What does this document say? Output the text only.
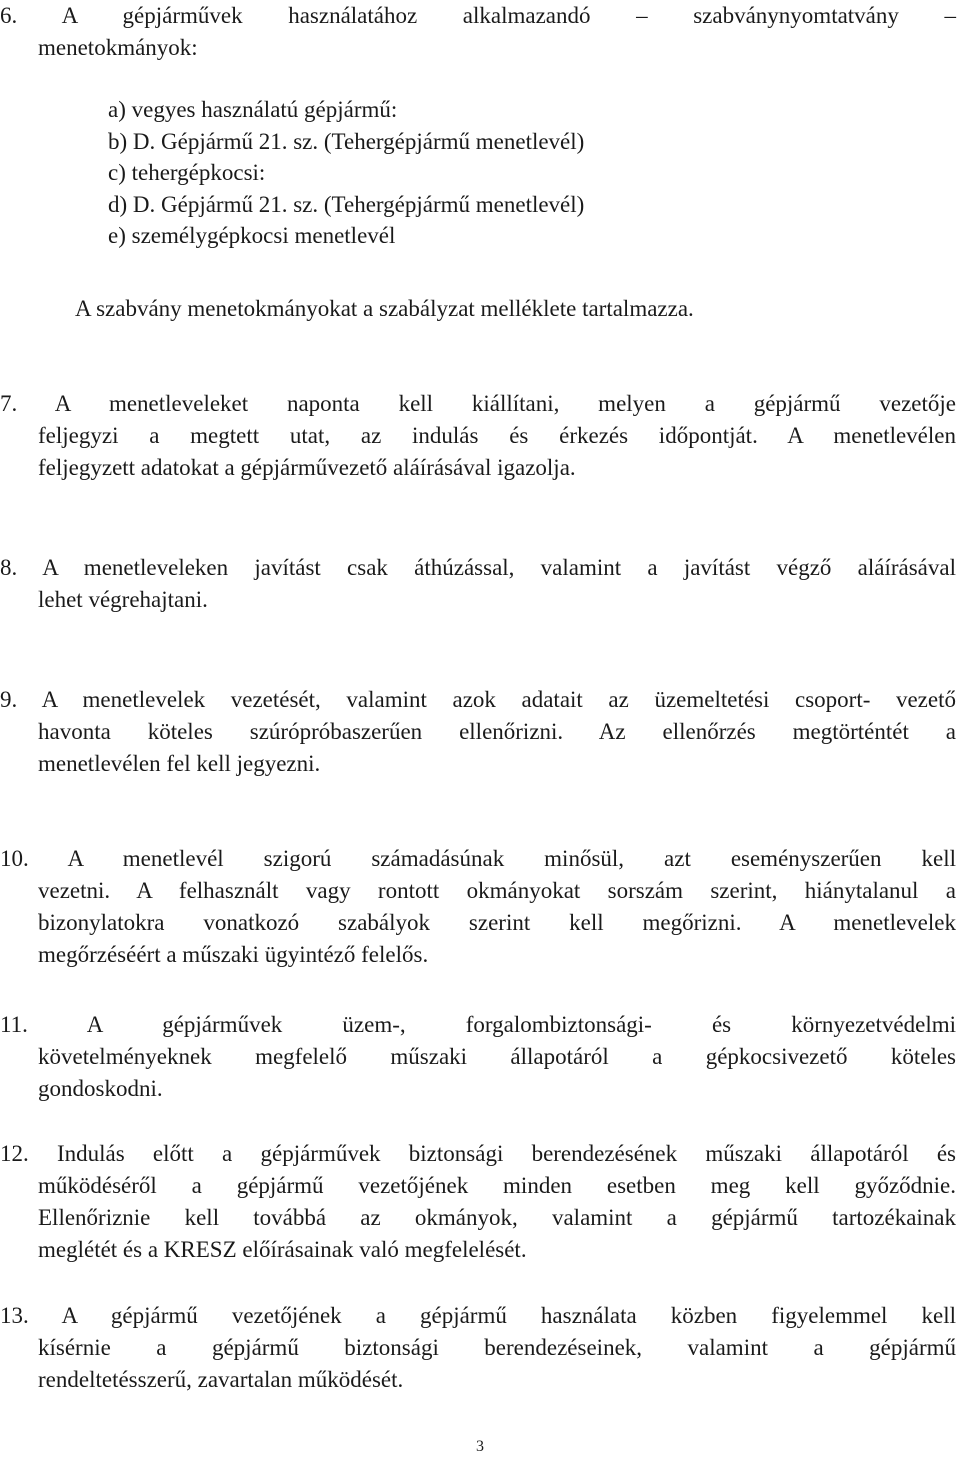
6. A gépjárművek használatához alkalmazandó – szabványnyomtatvány –
menetokmányok:
a) vegyes használatú gépjármű:
b) D. Gépjármű 21. sz. (Tehergépjármű menetlevél)
c) tehergépkocsi:
d) D. Gépjármű 21. sz. (Tehergépjármű menetlevél)
e) személygépkocsi menetlevél
A szabvány menetokmányokat a szabályzat melléklete tartalmazza.
7. A menetleveleket naponta kell kiállítani, melyen a gépjármű vezetője
feljegyzi a megtett utat, az indulás és érkezés időpontját. A menetlevélen
feljegyzett adatokat a gépjárművezető aláírásával igazolja.
8. A menetleveleken javítást csak áthúzással, valamint a javítást végző aláírásával
lehet végrehajtani.
9. A menetlevelek vezetését, valamint azok adatait az üzemeltetési csoport- vezető
havonta köteles szúrópróbaszerűen ellenőrizni. Az ellenőrzés megtörténtét a
menetlevélen fel kell jegyezni.
10. A menetlevél szigorú számadásúnak minősül, azt eseményszerűen kell
vezetni. A felhasznált vagy rontott okmányokat sorszám szerint, hiánytalanul a
bizonylatokra vonatkozó szabályok szerint kell megőrizni. A menetlevelek
megőrzéséért a műszaki ügyintéző felelős.
11. A gépjárművek üzem-, forgalombiztonsági- és környezetvédelmi
követelményeknek megfelelő műszaki állapotáról a gépkocsivezető köteles
gondoskodni.
12. Indulás előtt a gépjárművek biztonsági berendezésének műszaki állapotáról és
működéséről a gépjármű vezetőjének minden esetben meg kell győződnie.
Ellenőriznie kell továbbá az okmányok, valamint a gépjármű tartozékainak
meglétét és a KRESZ előírásainak való megfelelését.
13. A gépjármű vezetőjének a gépjármű használata közben figyelemmel kell
kísérnie a gépjármű biztonsági berendezéseinek, valamint a gépjármű
rendeltetésszerű, zavartalan működését.
3
